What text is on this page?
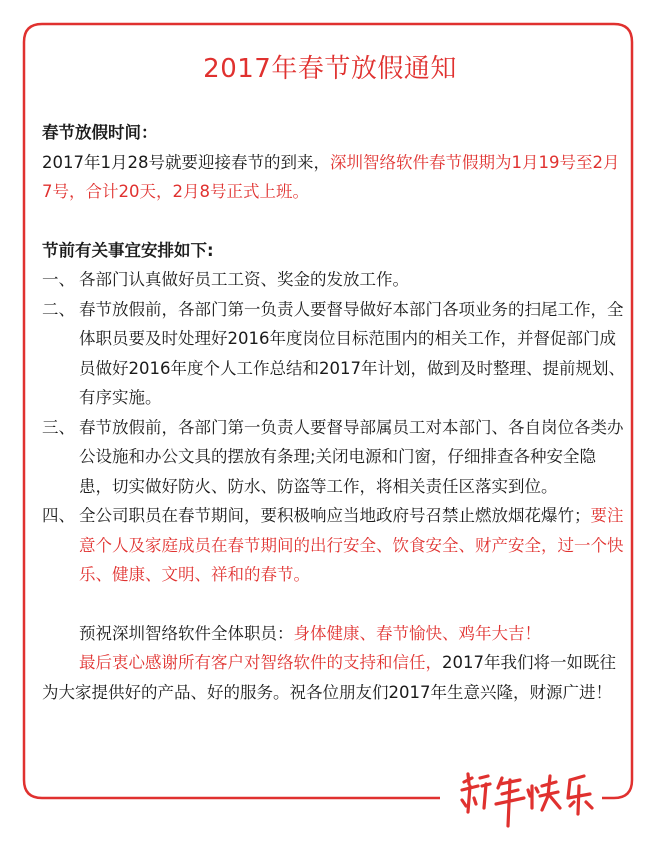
2017年春节放假通知

春节放假时间：

2017年1月28号就要迎接春节的到来，深圳智络软件春节假期为1月19号至2月7号，合计20天，2月8号正式上班。

节前有关事宜安排如下:

一、 各部门认真做好员工工资、奖金的发放工作。
二、 春节放假前，各部门第一负责人要督导做好本部门各项业务的扫尾工作，全体职员要及时处理好2016年度岗位目标范围内的相关工作，并督促部门成员做好2016年度个人工作总结和2017年计划，做到及时整理、提前规划、有序实施。
三、 春节放假前，各部门第一负责人要督导部属员工对本部门、各自岗位各类办公设施和办公文具的摆放有条理;关闭电源和门窗，仔细排查各种安全隐患，切实做好防火、防水、防盗等工作，将相关责任区落实到位。
四、 全公司职员在春节期间，要积极响应当地政府号召禁止燃放烟花爆竹；要注意个人及家庭成员在春节期间的出行安全、饮食安全、财产安全，过一个快乐、健康、文明、祥和的春节。

预祝深圳智络软件全体职员：身体健康、春节愉快、鸡年大吉！

最后衷心感谢所有客户对智络软件的支持和信任，2017年我们将一如既往为大家提供好的产品、好的服务。祝各位朋友们2017年生意兴隆，财源广进！
